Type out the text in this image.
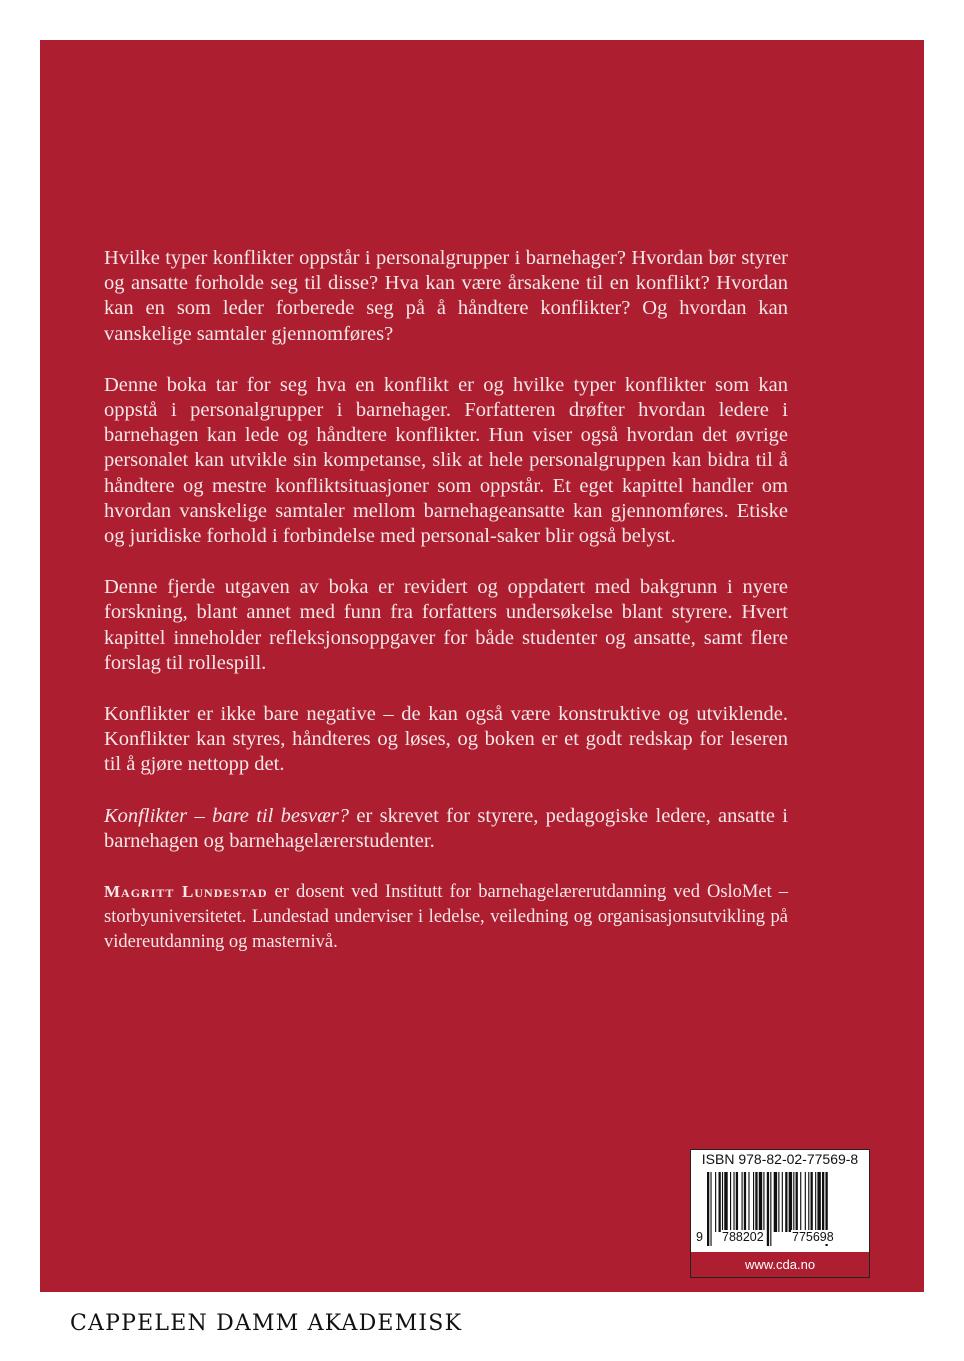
Hvilke typer konflikter oppstår i personalgrupper i barnehager? Hvordan bør styrer og ansatte forholde seg til disse? Hva kan være årsakene til en konflikt? Hvordan kan en som leder forberede seg på å håndtere konflikter? Og hvordan kan vanskelige samtaler gjennomføres?

Denne boka tar for seg hva en konflikt er og hvilke typer konflikter som kan oppstå i personalgrupper i barnehager. Forfatteren drøfter hvordan ledere i barnehagen kan lede og håndtere konflikter. Hun viser også hvordan det øvrige personalet kan utvikle sin kompetanse, slik at hele personalgruppen kan bidra til å håndtere og mestre konfliktsituasjoner som oppstår. Et eget kapittel handler om hvordan vanskelige samtaler mellom barnehageansatte kan gjennomføres. Etiske og juridiske forhold i forbindelse med personal-saker blir også belyst.

Denne fjerde utgaven av boka er revidert og oppdatert med bakgrunn i nyere forskning, blant annet med funn fra forfatters undersøkelse blant styrere. Hvert kapittel inneholder refleksjonsoppgaver for både studenter og ansatte, samt flere forslag til rollespill.

Konflikter er ikke bare negative – de kan også være konstruktive og utviklende. Konflikter kan styres, håndteres og løses, og boken er et godt redskap for leseren til å gjøre nettopp det.

Konflikter – bare til besvær? er skrevet for styrere, pedagogiske ledere, ansatte i barnehagen og barnehagelærerstudenter.

Magritt Lundestad er dosent ved Institutt for barnehagelærerutdanning ved OsloMet – storbyuniversitetet. Lundestad underviser i ledelse, veiledning og organisasjonsutvikling på videreutdanning og masternivå.

ISBN 978-82-02-77569-8
9 788202 775698
www.cda.no
CAPPELEN DAMM AKADEMISK
